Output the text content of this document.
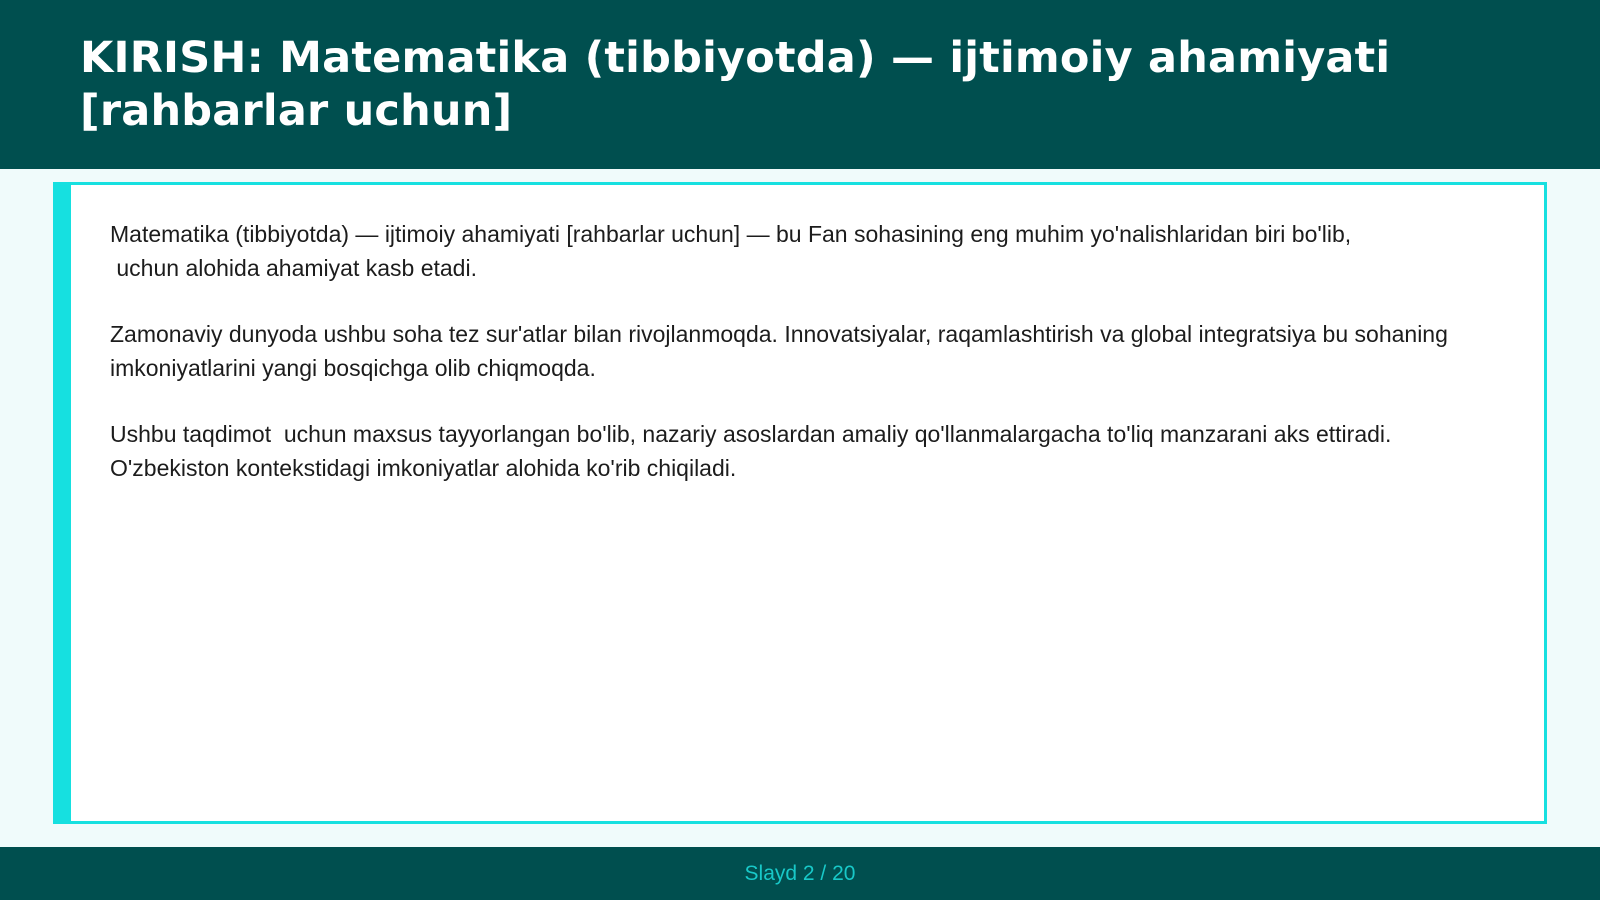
KIRISH: Matematika (tibbiyotda) — ijtimoiy ahamiyati [rahbarlar uchun]

Matematika (tibbiyotda) — ijtimoiy ahamiyati [rahbarlar uchun] — bu Fan sohasining eng muhim yo'nalishlaridan biri bo'lib,
uchun alohida ahamiyat kasb etadi.

Zamonaviy dunyoda ushbu soha tez sur'atlar bilan rivojlanmoqda. Innovatsiyalar, raqamlashtirish va global integratsiya bu sohaning imkoniyatlarini yangi bosqichga olib chiqmoqda.

Ushbu taqdimot  uchun maxsus tayyorlangan bo'lib, nazariy asoslardan amaliy qo'llanmalargacha to'liq manzarani aks ettiradi. O'zbekiston kontekstidagi imkoniyatlar alohida ko'rib chiqiladi.

Slayd 2 / 20
